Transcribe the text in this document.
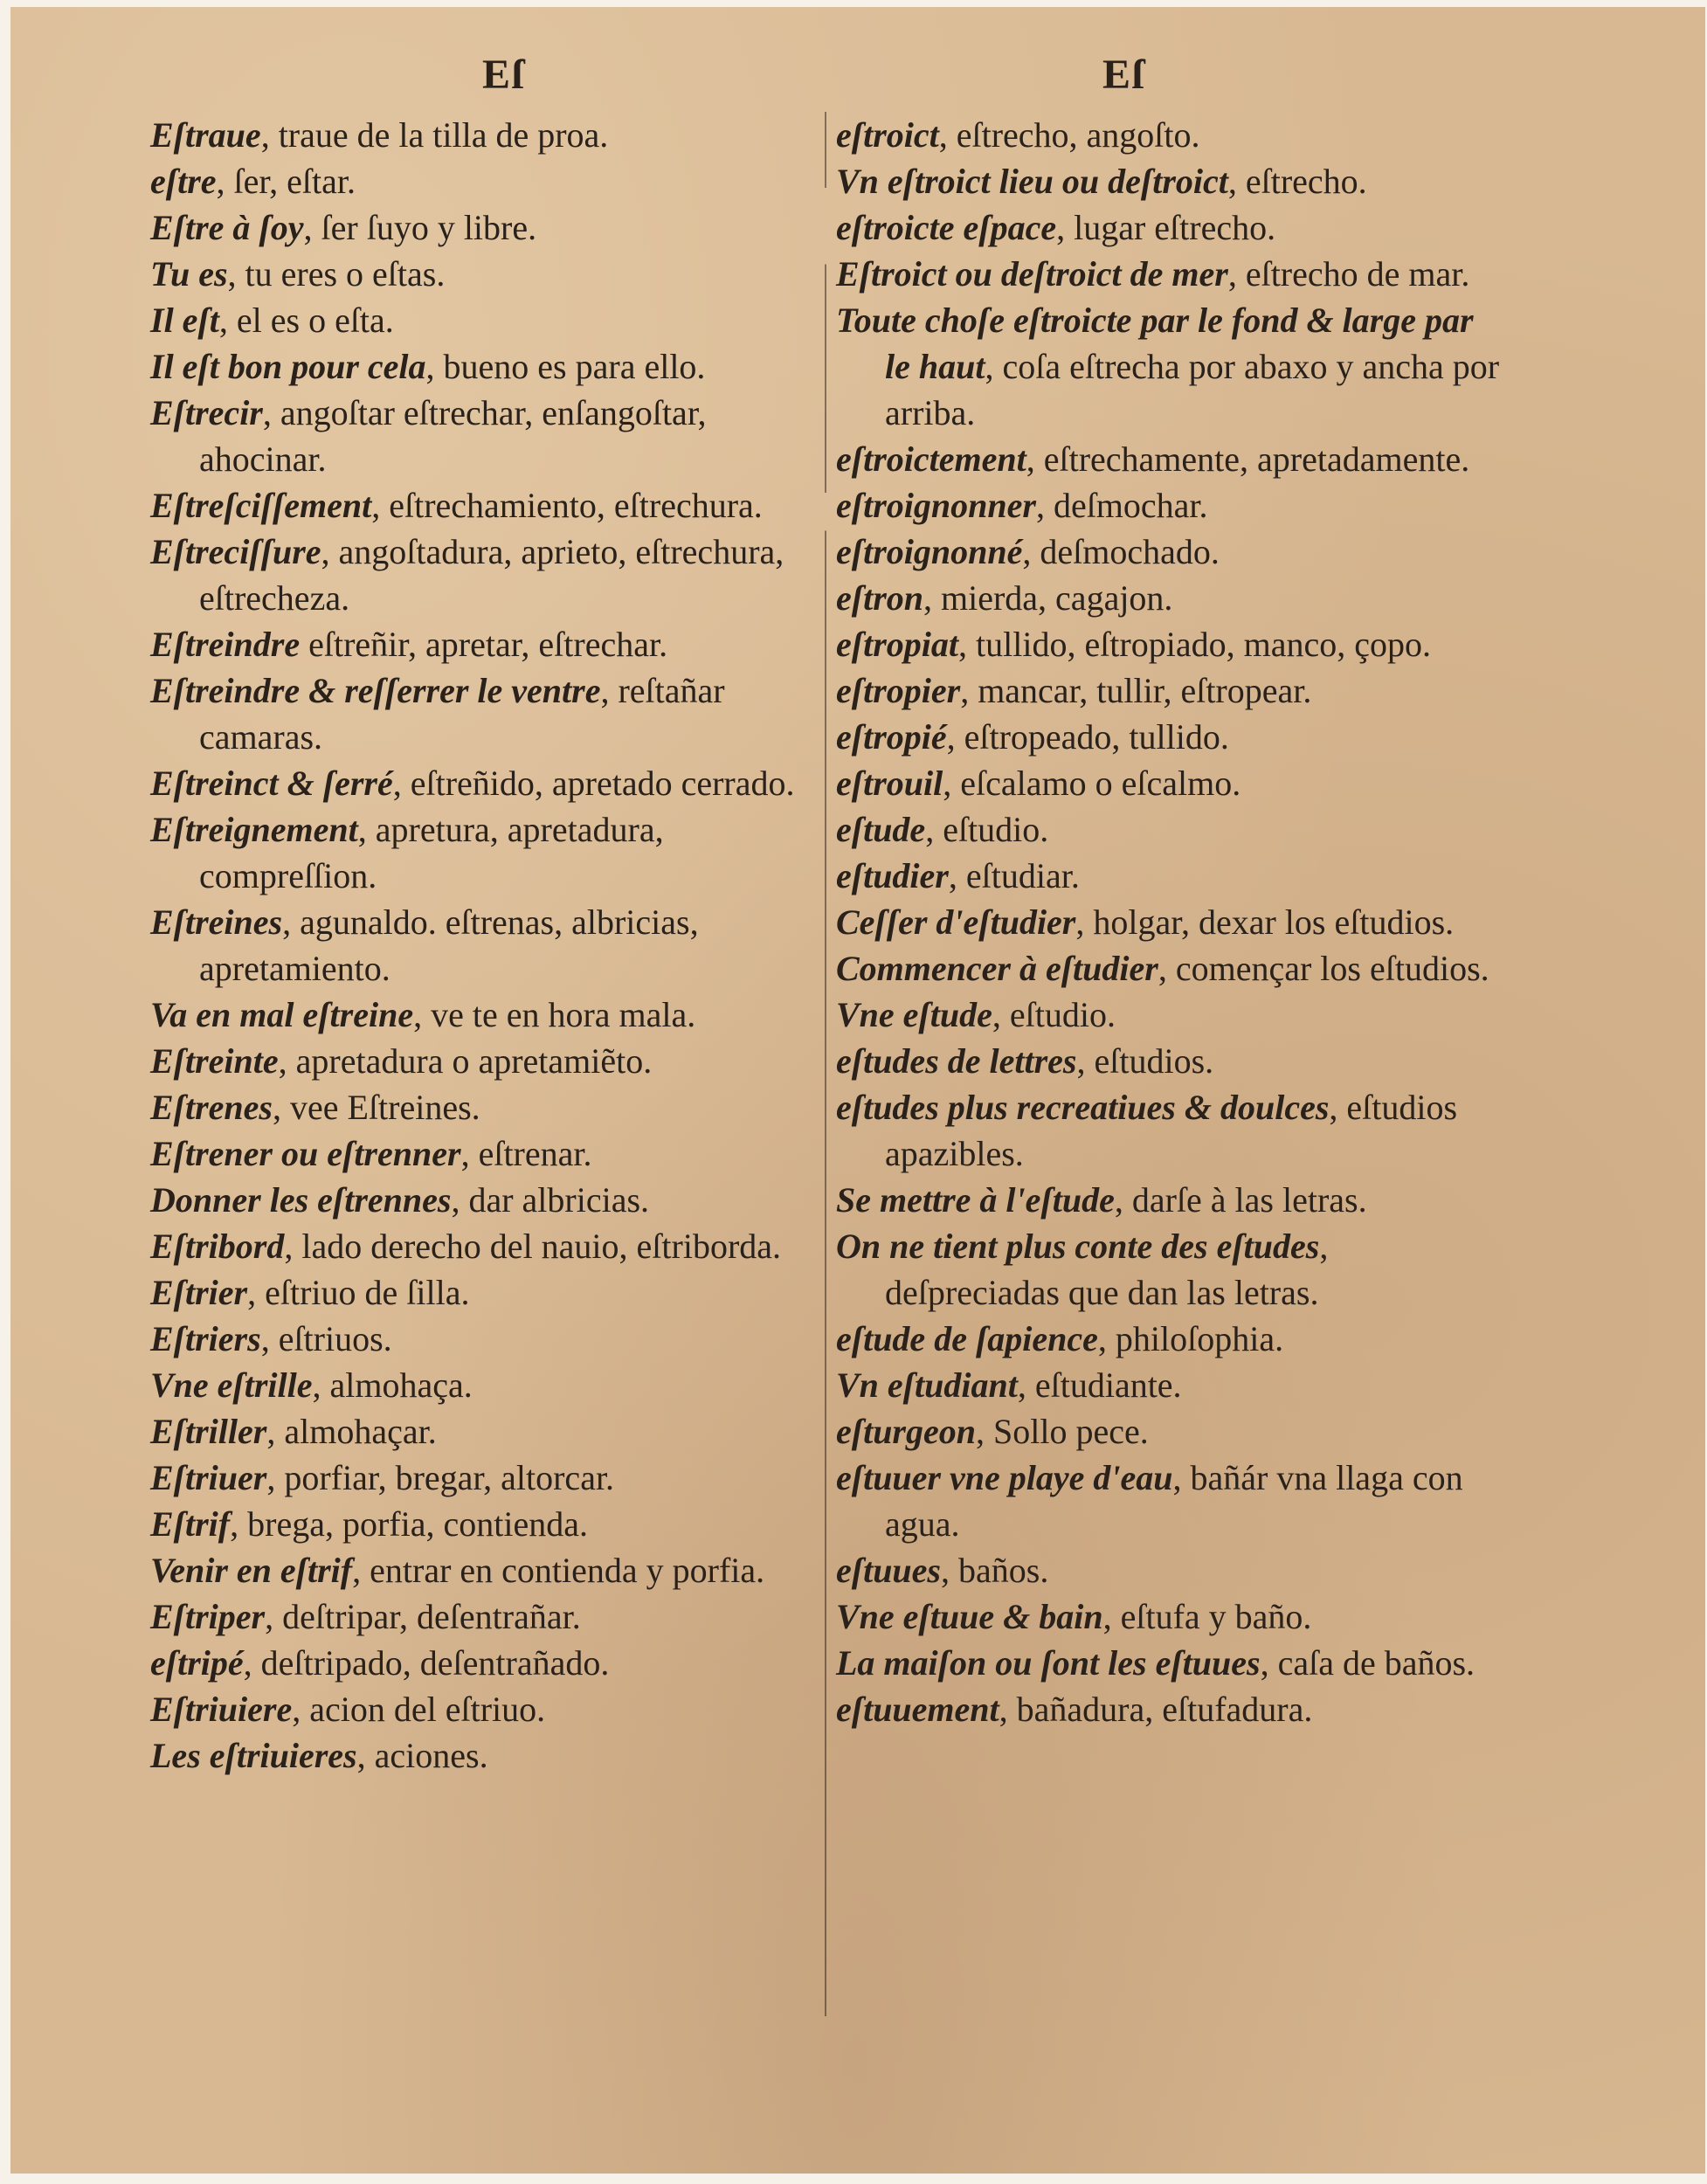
Eſ	Eſ

Eſtraue, traue de la tilla de proa.

eſtre, ſer, eſtar.

Eſtre à ſoy, ſer ſuyo y libre.

Tu es, tu eres o eſtas.

Il eſt, el es o eſta.

Il eſt bon pour cela, bueno es para ello.

Eſtrecir, angoſtar eſtrechar, enſangoſtar, ahocinar.

Eſtreſciſſement, eſtrechamiento, eſtrechura.

Eſtreciſſure, angoſtadura, aprieto, eſtrechura, eſtrecheza.

Eſtreindre eſtreñir, apretar, eſtrechar.

Eſtreindre & reſſerrer le ventre, reſtañar camaras.

Eſtreinct & ſerré, eſtreñido, apretado cerrado.

Eſtreignement, apretura, apretadura, compreſſion.

Eſtreines, agunaldo. eſtrenas, albricias, apretamiento.

Va en mal eſtreine, ve te en hora mala.

Eſtreinte, apretadura o apretamiẽto.

Eſtrenes, vee Eſtreines.

Eſtrener ou eſtrenner, eſtrenar.

Donner les eſtrennes, dar albricias.

Eſtribord, lado derecho del nauio, eſtriborda.

Eſtrier, eſtriuo de ſilla.

Eſtriers, eſtriuos.

Vne eſtrille, almohaça.

Eſtriller, almohaçar.

Eſtriuer, porfiar, bregar, altorcar.

Eſtrif, brega, porfia, contienda.

Venir en eſtrif, entrar en contienda y porfia.

Eſtriper, deſtripar, deſentrañar.

eſtripé, deſtripado, deſentrañado.

Eſtriuiere, acion del eſtriuo.

Les eſtriuieres, aciones.

eſtroict, eſtrecho, angoſto.

Vn eſtroict lieu ou deſtroict, eſtrecho.

eſtroicte eſpace, lugar eſtrecho.

Eſtroict ou deſtroict de mer, eſtrecho de mar.

Toute choſe eſtroicte par le fond & large par le haut, coſa eſtrecha por abaxo y ancha por arriba.

eſtroictement, eſtrechamente, apretadamente.

eſtroignonner, deſmochar.

eſtroignonné, deſmochado.

eſtron, mierda, cagajon.

eſtropiat, tullido, eſtropiado, manco, çopo.

eſtropier, mancar, tullir, eſtropear.

eſtropié, eſtropeado, tullido.

eſtrouil, eſcalamo o eſcalmo.

eſtude, eſtudio.

eſtudier, eſtudiar.

Ceſſer d'eſtudier, holgar, dexar los eſtudios.

Commencer à eſtudier, començar los eſtudios.

Vne eſtude, eſtudio.

eſtudes de lettres, eſtudios.

eſtudes plus recreatiues & doulces, eſtudios apazibles.

Se mettre à l'eſtude, darſe à las letras.

On ne tient plus conte des eſtudes, deſpreciadas que dan las letras.

eſtude de ſapience, philoſophia.

Vn eſtudiant, eſtudiante.

eſturgeon, Sollo pece.

eſtuuer vne playe d'eau, bañár vna llaga con agua.

eſtuues, baños.

Vne eſtuue & bain, eſtufa y baño.

La maiſon ou ſont les eſtuues, caſa de baños.

eſtuuement, bañadura, eſtufadura.
